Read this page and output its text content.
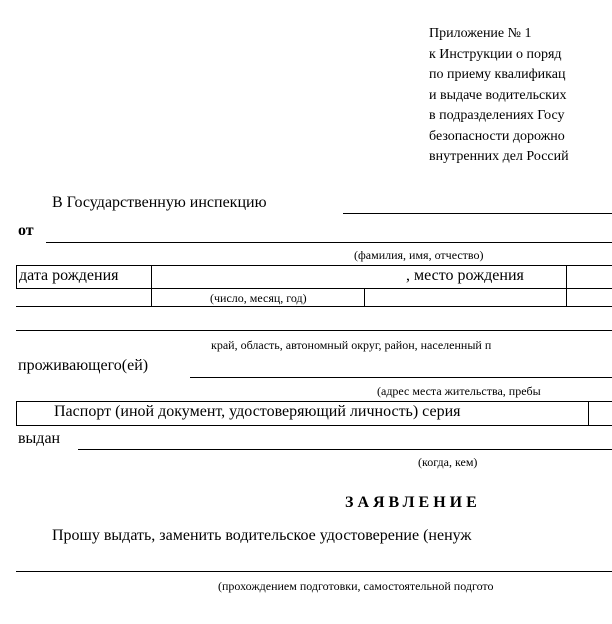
Приложение № 1
к Инструкции о поряд
по приему квалификац
и выдаче водительских
в подразделениях Госу
безопасности дорожно
внутренних дел Россий
В Государственную инспекцию
от
(фамилия, имя, отчество)
дата рождения	, место рождения
(число, месяц, год)
край, область, автономный округ, район, населенный п
проживающего(ей)
(адрес места жительства, пребы
Паспорт (иной документ, удостоверяющий личность) серия
выдан
(когда, кем)
ЗАЯВЛЕНИЕ
Прошу выдать, заменить водительское удостоверение (ненуж
(прохождением подготовки, самостоятельной подгото
